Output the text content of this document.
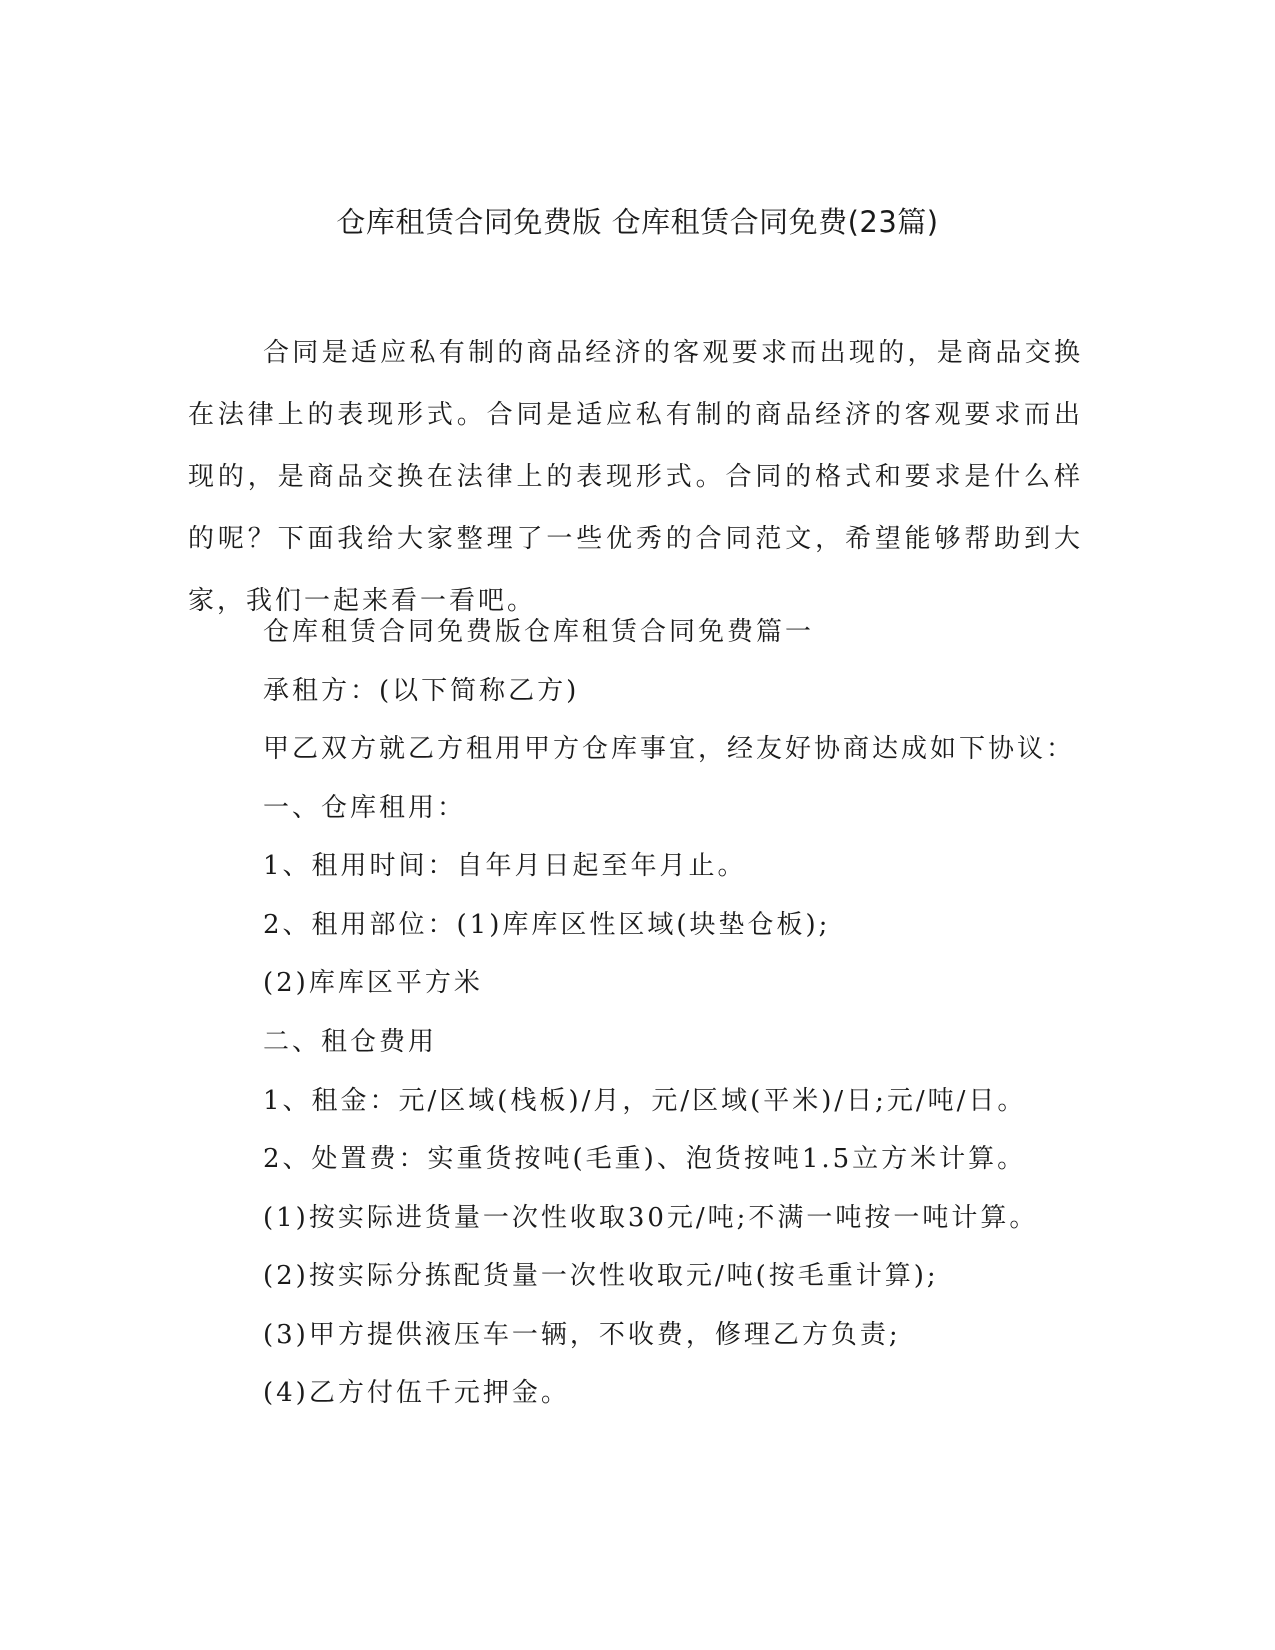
仓库租赁合同免费版 仓库租赁合同免费(23篇)

合同是适应私有制的商品经济的客观要求而出现的，是商品交换在法律上的表现形式。合同是适应私有制的商品经济的客观要求而出现的，是商品交换在法律上的表现形式。合同的格式和要求是什么样的呢？下面我给大家整理了一些优秀的合同范文，希望能够帮助到大家，我们一起来看一看吧。

仓库租赁合同免费版仓库租赁合同免费篇一

承租方：(以下简称乙方)

甲乙双方就乙方租用甲方仓库事宜，经友好协商达成如下协议：

一、仓库租用：

1、租用时间：自年月日起至年月止。

2、租用部位：(1)库库区性区域(块垫仓板);

(2)库库区平方米

二、租仓费用

1、租金：元/区域(栈板)/月，元/区域(平米)/日;元/吨/日。

2、处置费：实重货按吨(毛重)、泡货按吨1.5立方米计算。

(1)按实际进货量一次性收取30元/吨;不满一吨按一吨计算。

(2)按实际分拣配货量一次性收取元/吨(按毛重计算);

(3)甲方提供液压车一辆，不收费，修理乙方负责;

(4)乙方付伍千元押金。
